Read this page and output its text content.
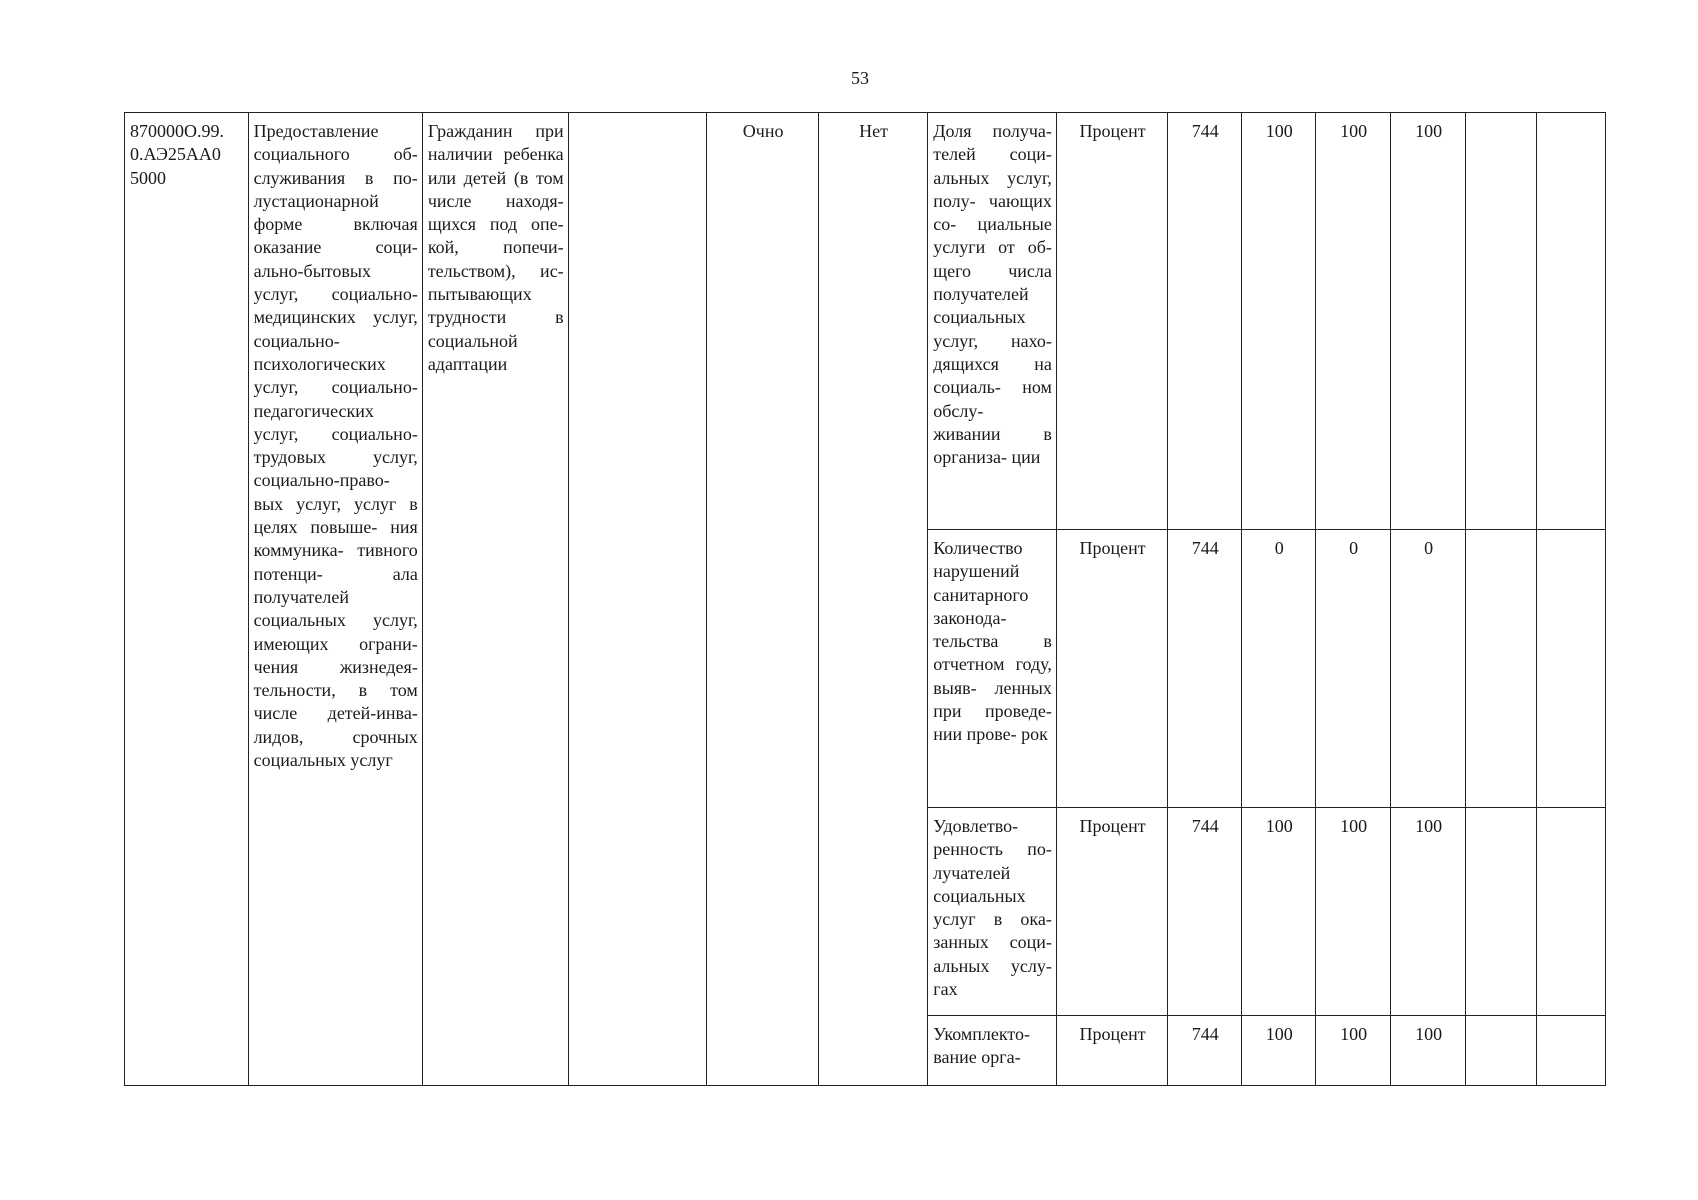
53
870000О.99. 0.АЭ25АА0 5000	Предоставление социального об- служивания в по- лустационарной форме включая оказание соци- ально-бытовых услуг, социально- медицинских услуг, социально- психологических услуг, социально- педагогических услуг, социально- трудовых услуг, социально-право- вых услуг, услуг в целях повыше- ния коммуника- тивного потенци- ала получателей социальных услуг, имеющих ограни- чения жизнедея- тельности, в том числе детей-инва- лидов, срочных социальных услуг	Гражданин при наличии ребенка или детей (в том числе находя- щихся под опе- кой, попечи- тельством), ис- пытывающих трудности в социальной адаптации		Очно	Нет	Доля получа- телей соци- альных услуг, полу- чающих со- циальные услуги от об- щего числа получателей социальных услуг, нахо- дящихся на социаль- ном обслу- живании в организа- ции	Процент	744	100	100	100		
						Количество нарушений санитарного законода- тельства в отчетном году, выяв- ленных при проведе- нии прове- рок	Процент	744	0	0	0		
						Удовлетво- ренность по- лучателей социальных услуг в ока- занных соци- альных услу- гах	Процент	744	100	100	100		
						Укомплекто- вание орга-	Процент	744	100	100	100		
